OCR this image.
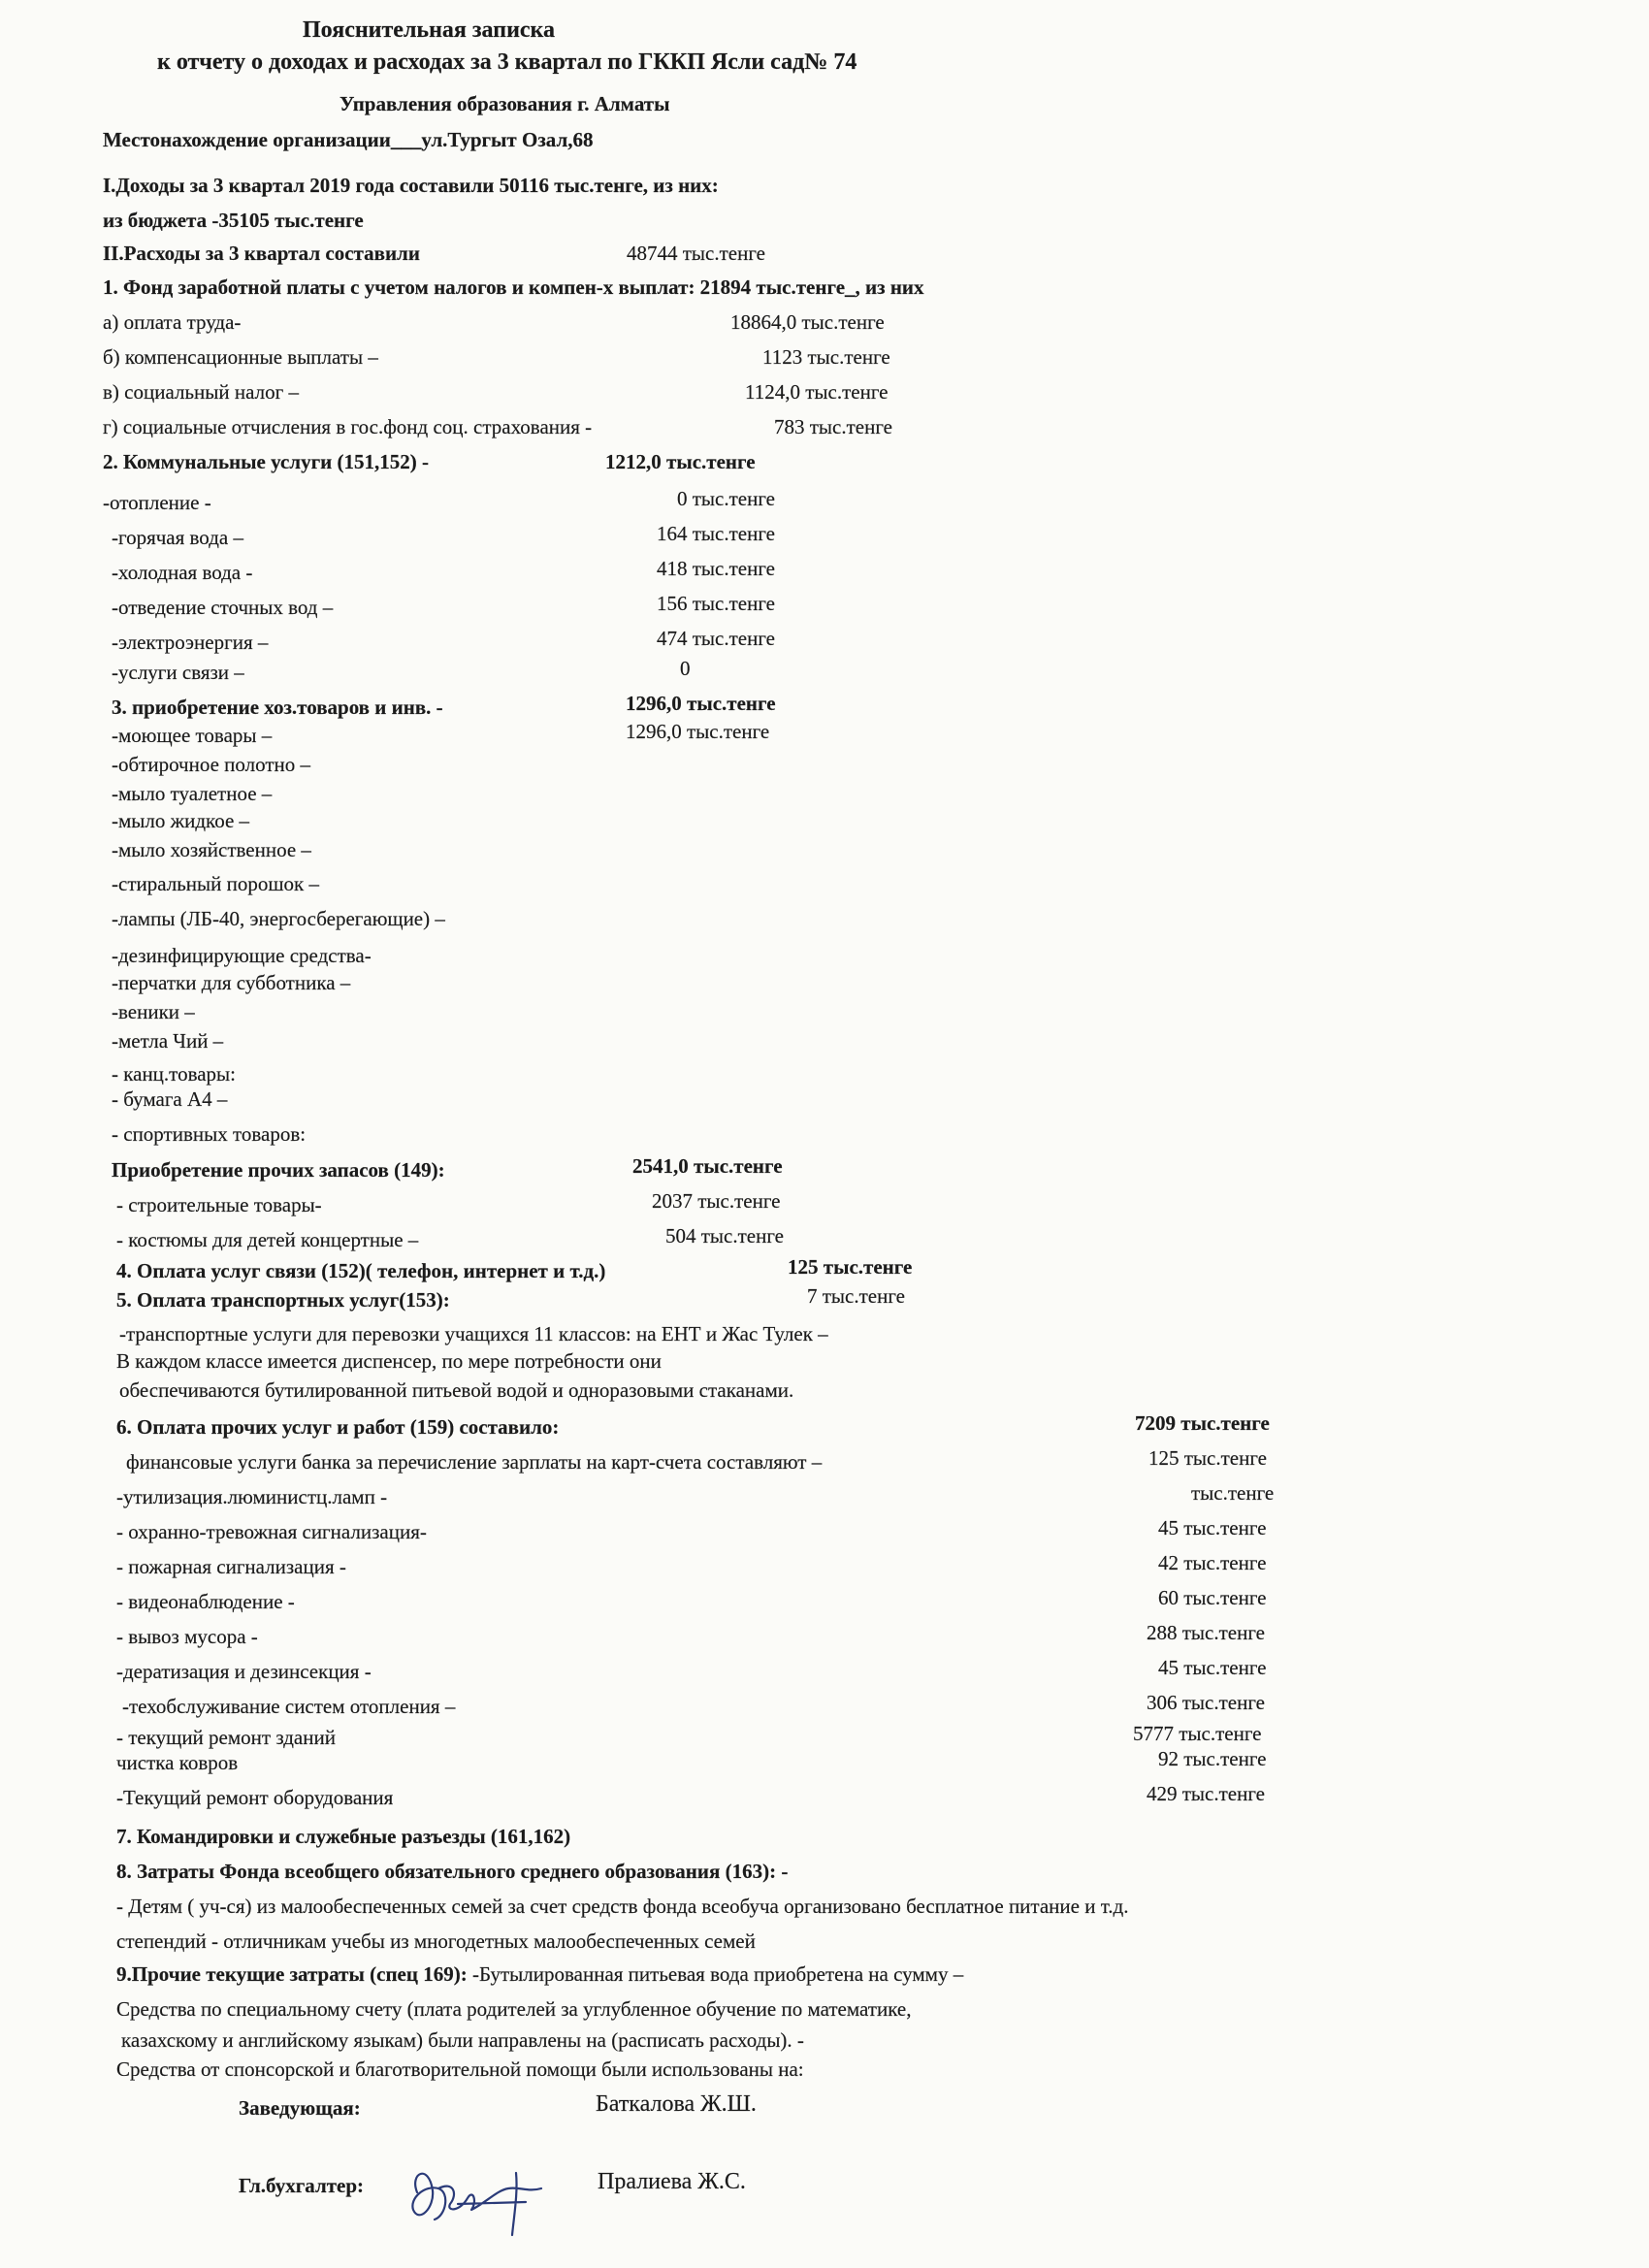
Пояснительная записка
к отчету о доходах и расходах за 3 квартал по ГККП Ясли сад№ 74
Управления образования г. Алматы
Местонахождение организации___ул.Тургыт Озал,68
I.Доходы за 3 квартал 2019 года составили 50116 тыс.тенге, из них:
из бюджета -35105 тыс.тенге
II.Расходы за 3 квартал составили	48744 тыс.тенге
1. Фонд заработной платы с учетом налогов и компен-х выплат: 21894 тыс.тенге_, из них
а) оплата труда-	18864,0 тыс.тенге
б) компенсационные выплаты –	1123 тыс.тенге
в) социальный налог –	1124,0 тыс.тенге
г) социальные отчисления в гос.фонд соц. страхования -	783 тыс.тенге
2. Коммунальные услуги (151,152) -	1212,0 тыс.тенге
-отопление -	0 тыс.тенге
-горячая вода –	164 тыс.тенге
-холодная вода -	418 тыс.тенге
-отведение сточных вод –	156 тыс.тенге
-электроэнергия –	474 тыс.тенге
-услуги связи –	0
3. приобретение хоз.товаров и инв. -	1296,0 тыс.тенге
-моющее товары –	1296,0 тыс.тенге
-обтирочное полотно –
-мыло туалетное –
-мыло жидкое –
-мыло хозяйственное –
-стиральный порошок –
-лампы (ЛБ-40, энергосберегающие) –
-дезинфицирующие средства-
-перчатки для субботника –
-веники –
-метла Чий –
- канц.товары:
- бумага А4 –
- спортивных товаров:
Приобретение прочих запасов (149):	2541,0 тыс.тенге
- строительные товары-	2037 тыс.тенге
- костюмы для детей концертные –	504 тыс.тенге
4. Оплата услуг связи (152)( телефон, интернет и т.д.)	125 тыс.тенге
5. Оплата транспортных услуг(153):	7 тыс.тенге
-транспортные услуги для перевозки учащихся 11 классов: на ЕНТ и Жас Тулек –
В каждом классе имеется диспенсер, по мере потребности они
обеспечиваются бутилированной питьевой водой и одноразовыми стаканами.
6. Оплата прочих услуг и работ (159) составило:	7209 тыс.тенге
финансовые услуги банка за перечисление зарплаты на карт-счета составляют –	125 тыс.тенге
-утилизация.люминистц.ламп -	тыс.тенге
- охранно-тревожная сигнализация-	45 тыс.тенге
- пожарная сигнализация -	42 тыс.тенге
- видеонаблюдение -	60 тыс.тенге
- вывоз мусора -	288 тыс.тенге
-дератизация и дезинсекция -	45 тыс.тенге
-техобслуживание систем отопления –	306 тыс.тенге
- текущий ремонт зданий	5777 тыс.тенге
чистка ковров	92 тыс.тенге
-Текущий ремонт оборудования	429 тыс.тенге
7. Командировки и служебные разъезды (161,162)
8. Затраты Фонда всеобщего обязательного среднего образования (163): -
- Детям ( уч-ся) из малообеспеченных семей за счет средств фонда всеобуча организовано бесплатное питание и т.д.
степендий - отличникам учебы из многодетных малообеспеченных семей
9.Прочие текущие затраты (спец 169): -Бутылированная питьевая вода приобретена на сумму –
Средства по специальному счету (плата родителей за углубленное обучение по математике,
казахскому и английскому языкам) были направлены на (расписать расходы). -
Средства от спонсорской и благотворительной помощи были использованы на:
Заведующая:	Баткалова Ж.Ш.
Гл.бухгалтер:	Пралиева Ж.С.
